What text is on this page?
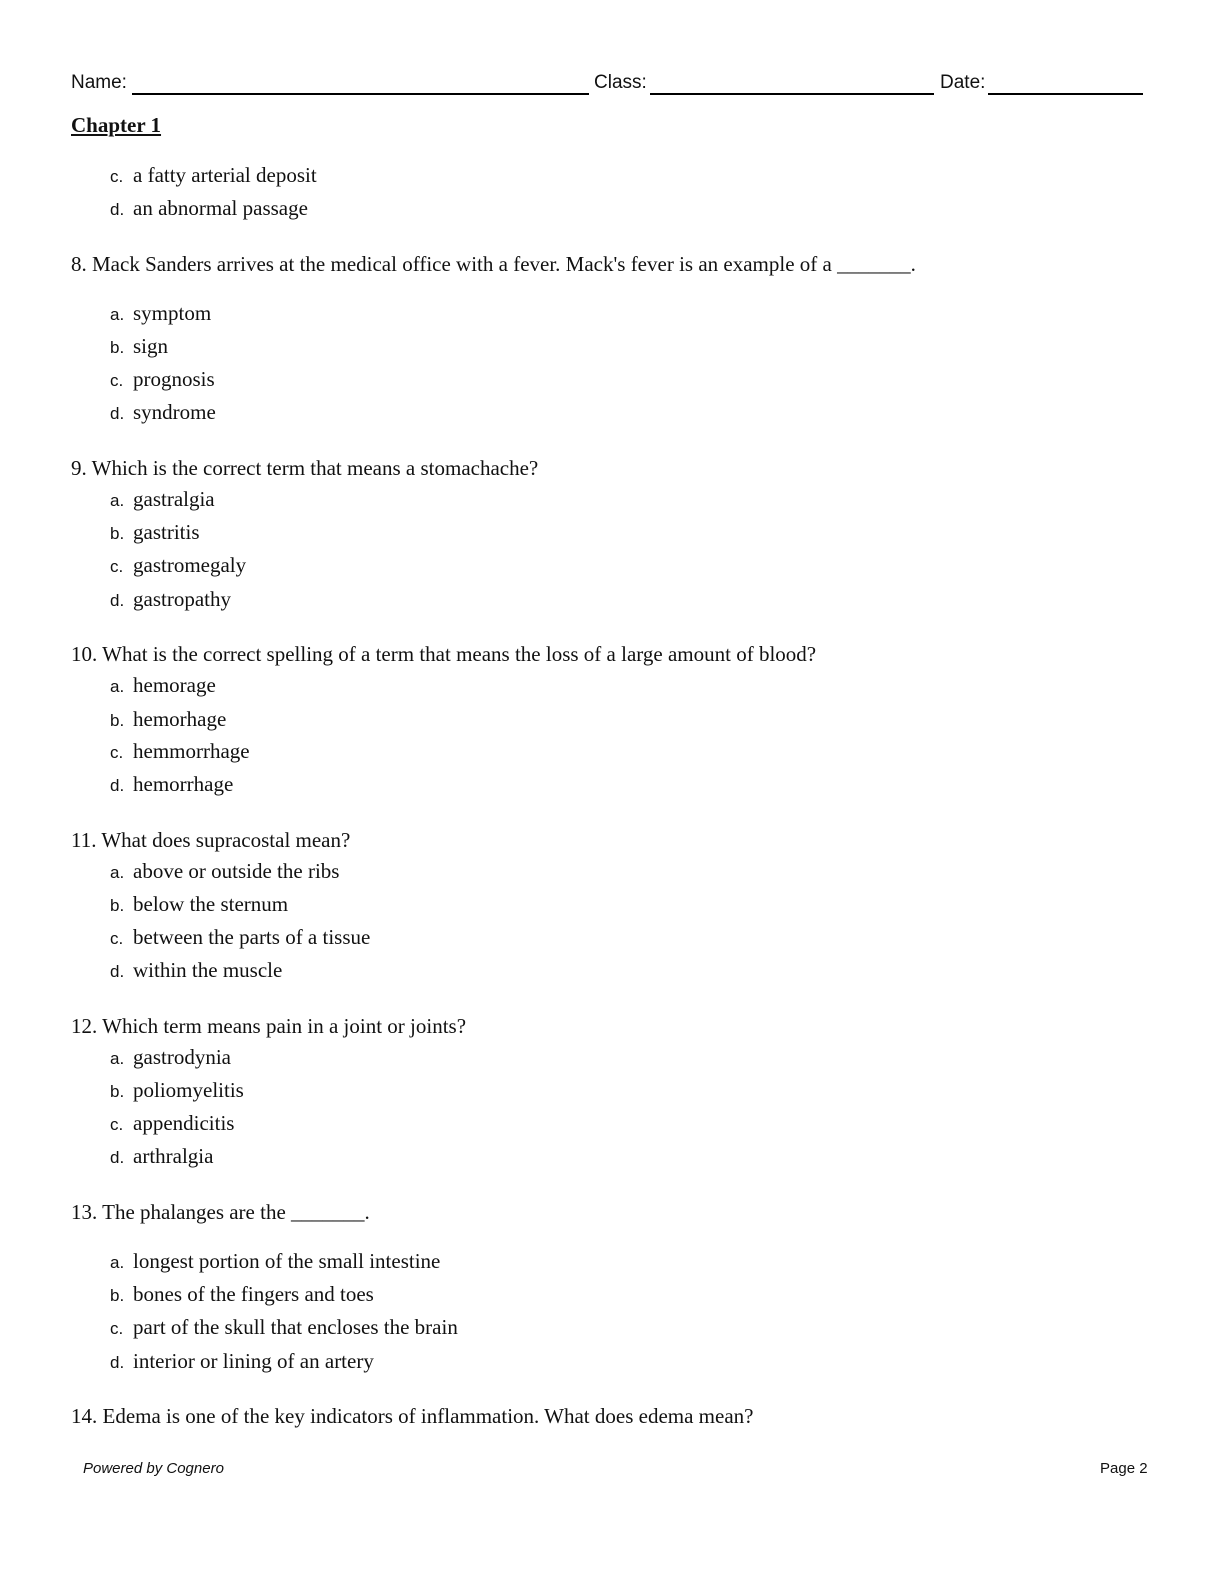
Name:	Class:	Date:
Chapter 1
c. a fatty arterial deposit
d. an abnormal passage

8. Mack Sanders arrives at the medical office with a fever. Mack's fever is an example of a _______.

a. symptom
b. sign
c. prognosis
d. syndrome

9. Which is the correct term that means a stomachache?

a. gastralgia
b. gastritis
c. gastromegaly
d. gastropathy

10. What is the correct spelling of a term that means the loss of a large amount of blood?

a. hemorage
b. hemorhage
c. hemmorrhage
d. hemorrhage

11. What does supracostal mean?

a. above or outside the ribs
b. below the sternum
c. between the parts of a tissue
d. within the muscle

12. Which term means pain in a joint or joints?

a. gastrodynia
b. poliomyelitis
c. appendicitis
d. arthralgia

13. The phalanges are the _______.

a. longest portion of the small intestine
b. bones of the fingers and toes
c. part of the skull that encloses the brain
d. interior or lining of an artery

14. Edema is one of the key indicators of inflammation. What does edema mean?

Powered by Cognero	Page 2
